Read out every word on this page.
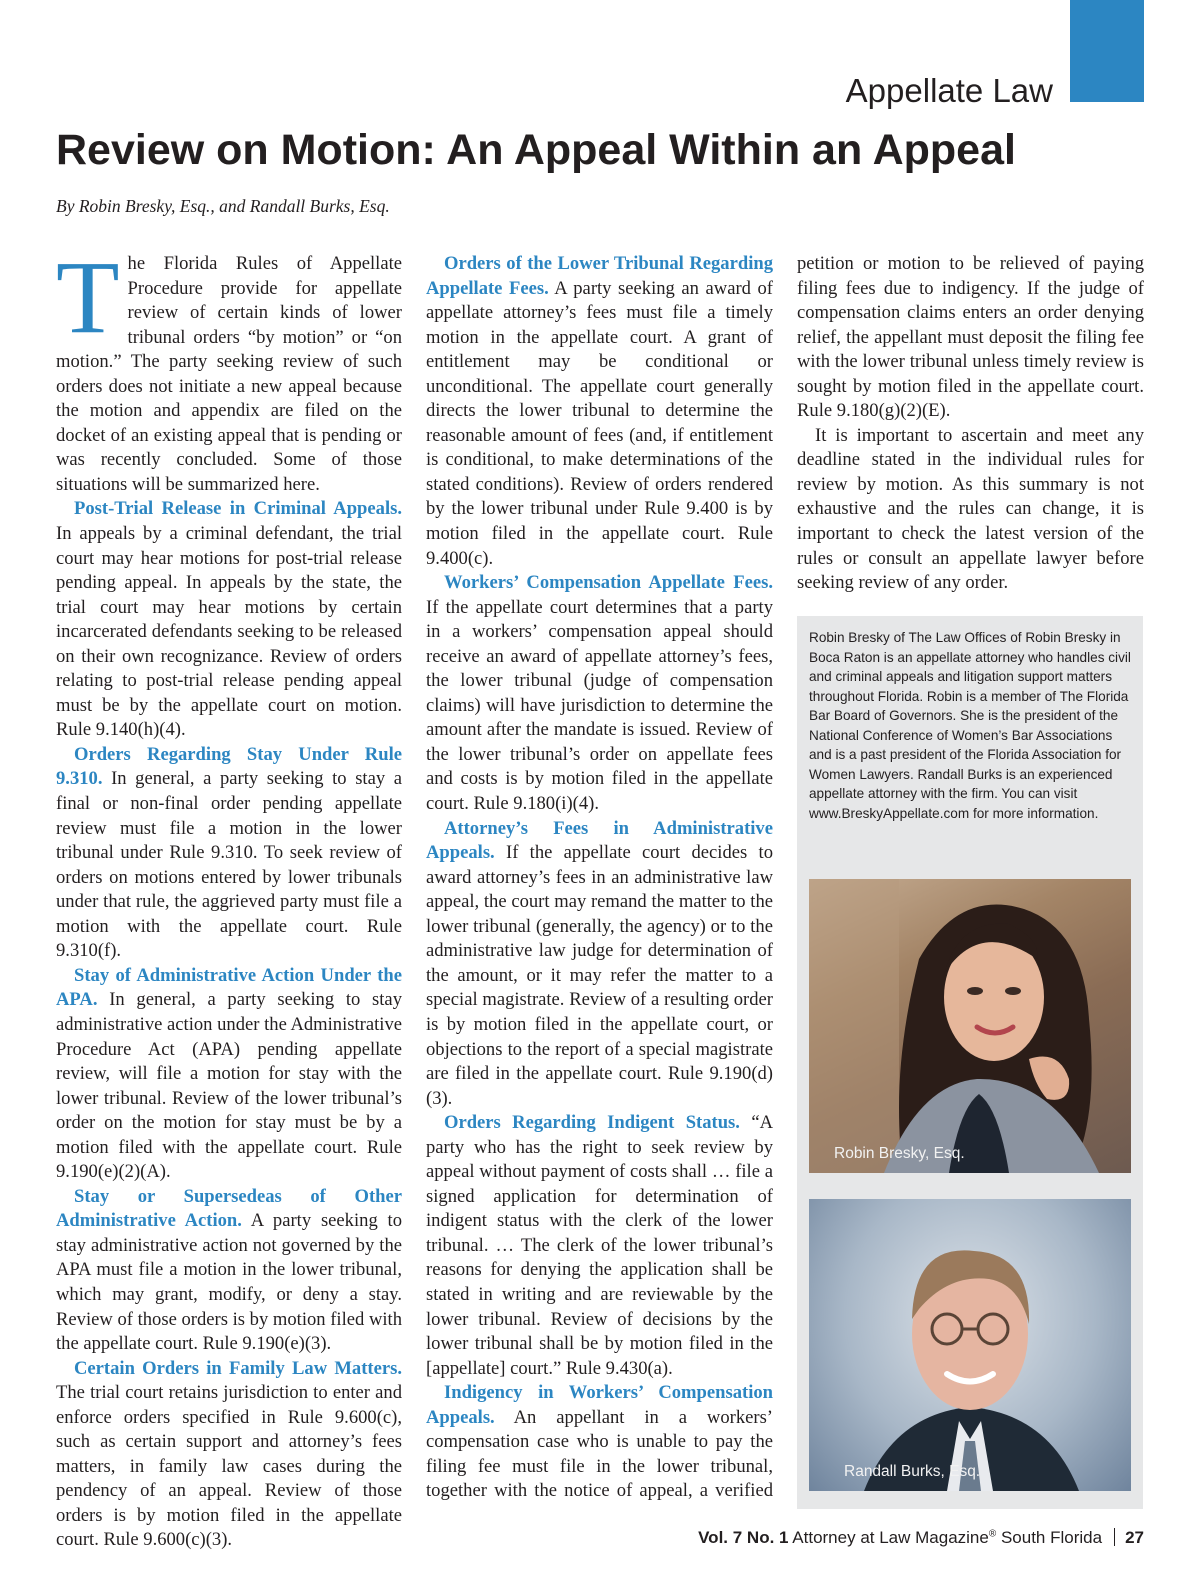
Appellate Law
Review on Motion: An Appeal Within an Appeal

By Robin Bresky, Esq., and Randall Burks, Esq.

The Florida Rules of Appellate Procedure provide for appellate review of certain kinds of lower tribunal orders “by motion” or “on motion.” The party seeking review of such orders does not initiate a new appeal because the motion and appendix are filed on the docket of an existing appeal that is pending or was recently concluded. Some of those situations will be summarized here.

Post-Trial Release in Criminal Appeals. In appeals by a criminal defendant, the trial court may hear motions for post-trial release pending appeal. In appeals by the state, the trial court may hear motions by certain incarcerated defendants seeking to be released on their own recognizance. Review of orders relating to post-trial release pending appeal must be by the appellate court on motion. Rule 9.140(h)(4).

Orders Regarding Stay Under Rule 9.310. In general, a party seeking to stay a final or non-final order pending appellate review must file a motion in the lower tribunal under Rule 9.310. To seek review of orders on motions entered by lower tribunals under that rule, the aggrieved party must file a motion with the appellate court. Rule 9.310(f).

Stay of Administrative Action Under the APA. In general, a party seeking to stay administrative action under the Administrative Procedure Act (APA) pending appellate review, will file a motion for stay with the lower tribunal. Review of the lower tribunal’s order on the motion for stay must be by a motion filed with the appellate court. Rule 9.190(e)(2)(A).

Stay or Supersedeas of Other Administrative Action. A party seeking to stay administrative action not governed by the APA must file a motion in the lower tribunal, which may grant, modify, or deny a stay. Review of those orders is by motion filed with the appellate court. Rule 9.190(e)(3).

Certain Orders in Family Law Matters. The trial court retains jurisdiction to enter and enforce orders specified in Rule 9.600(c), such as certain support and attorney’s fees matters, in family law cases during the pendency of an appeal. Review of those orders is by motion filed in the appellate court. Rule 9.600(c)(3).

Orders of the Lower Tribunal Regarding Appellate Fees. A party seeking an award of appellate attorney’s fees must file a timely motion in the appellate court. A grant of entitlement may be conditional or unconditional. The appellate court generally directs the lower tribunal to determine the reasonable amount of fees (and, if entitlement is conditional, to make determinations of the stated conditions). Review of orders rendered by the lower tribunal under Rule 9.400 is by motion filed in the appellate court. Rule 9.400(c).

Workers’ Compensation Appellate Fees. If the appellate court determines that a party in a workers’ compensation appeal should receive an award of appellate attorney’s fees, the lower tribunal (judge of compensation claims) will have jurisdiction to determine the amount after the mandate is issued. Review of the lower tribunal’s order on appellate fees and costs is by motion filed in the appellate court. Rule 9.180(i)(4).

Attorney’s Fees in Administrative Appeals. If the appellate court decides to award attorney’s fees in an administrative law appeal, the court may remand the matter to the lower tribunal (generally, the agency) or to the administrative law judge for determination of the amount, or it may refer the matter to a special magistrate. Review of a resulting order is by motion filed in the appellate court, or objections to the report of a special magistrate are filed in the appellate court. Rule 9.190(d)(3).

Orders Regarding Indigent Status. “A party who has the right to seek review by appeal without payment of costs shall … file a signed application for determination of indigent status with the clerk of the lower tribunal. … The clerk of the lower tribunal’s reasons for denying the application shall be stated in writing and are reviewable by the lower tribunal. Review of decisions by the lower tribunal shall be by motion filed in the [appellate] court.” Rule 9.430(a).

Indigency in Workers’ Compensation Appeals. An appellant in a workers’ compensation case who is unable to pay the filing fee must file in the lower tribunal, together with the notice of appeal, a verified

petition or motion to be relieved of paying filing fees due to indigency. If the judge of compensation claims enters an order denying relief, the appellant must deposit the filing fee with the lower tribunal unless timely review is sought by motion filed in the appellate court. Rule 9.180(g)(2)(E).

It is important to ascertain and meet any deadline stated in the individual rules for review by motion. As this summary is not exhaustive and the rules can change, it is important to check the latest version of the rules or consult an appellate lawyer before seeking review of any order.

Robin Bresky of The Law Offices of Robin Bresky in Boca Raton is an appellate attorney who handles civil and criminal appeals and litigation support matters throughout Florida. Robin is a member of The Florida Bar Board of Governors. She is the president of the National Conference of Women’s Bar Associations and is a past president of the Florida Association for Women Lawyers. Randall Burks is an experienced appellate attorney with the firm. You can visit www.BreskyAppellate.com for more information.

Robin Bresky, Esq.
Randall Burks, Esq.
Vol. 7 No. 1 Attorney at Law Magazine® South Florida 27
